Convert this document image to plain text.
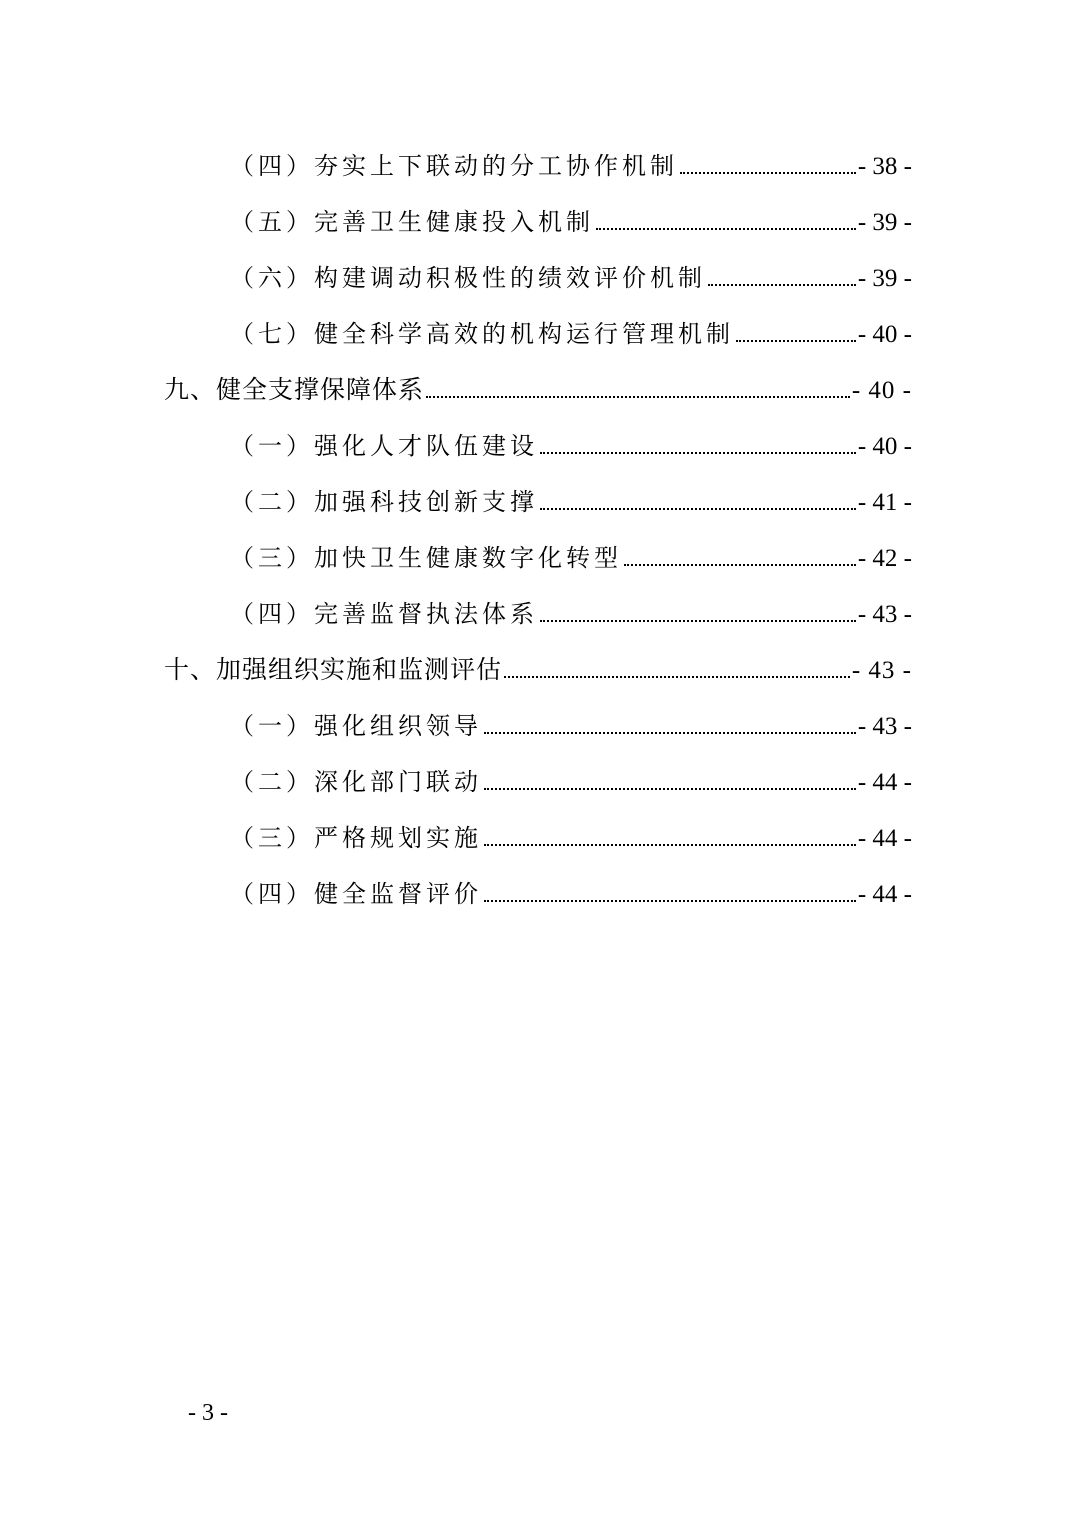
（四）夯实上下联动的分工协作机制	- 38 -
（五）完善卫生健康投入机制	- 39 -
（六）构建调动积极性的绩效评价机制	- 39 -
（七）健全科学高效的机构运行管理机制	- 40 -
九、健全支撑保障体系	- 40 -
（一）强化人才队伍建设	- 40 -
（二）加强科技创新支撑	- 41 -
（三）加快卫生健康数字化转型	- 42 -
（四）完善监督执法体系	- 43 -
十、加强组织实施和监测评估	- 43 -
（一）强化组织领导	- 43 -
（二）深化部门联动	- 44 -
（三）严格规划实施	- 44 -
（四）健全监督评价	- 44 -
- 3 -
